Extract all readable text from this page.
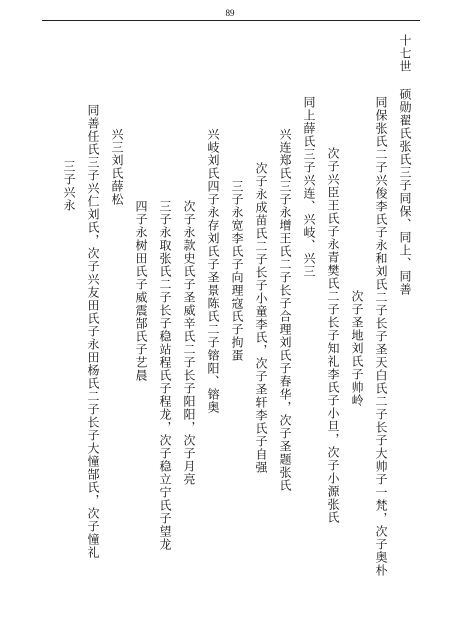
89
十七世 硕勋翟氏张氏三子同保、同上、同善
同保张氏二子兴俊李氏子永和刘氏二子长子圣天白氏二子长子大帅子一梵，次子奥朴
次子圣地刘氏子帅岭
次子兴臣王氏子永青樊氏二子长子知礼李氏子小旦，次子小源张氏
同上薛氏三子兴连、兴岐、兴三
兴连郑氏三子永增王氏二子长子合理刘氏子春华，次子圣题张氏
次子永成苗氏二子长子小童李氏，次子圣轩李氏子自强
三子永宽李氏子向理寇氏子拘蛋
兴岐刘氏四子永存刘氏子圣景陈氏二子镕阳、镕奥
次子永款史氏子圣威辛氏二子长子阳阳，次子月亮
三子永取张氏二子长子稳站程氏子程龙，次子稳立宁氏子望龙
四子永树田氏子威震郜氏子艺晨
兴三刘氏薛松
同善任氏三子兴仁刘氏，次子兴友田氏子永田杨氏二子长子大憧郜氏，次子憧礼
三子兴永
